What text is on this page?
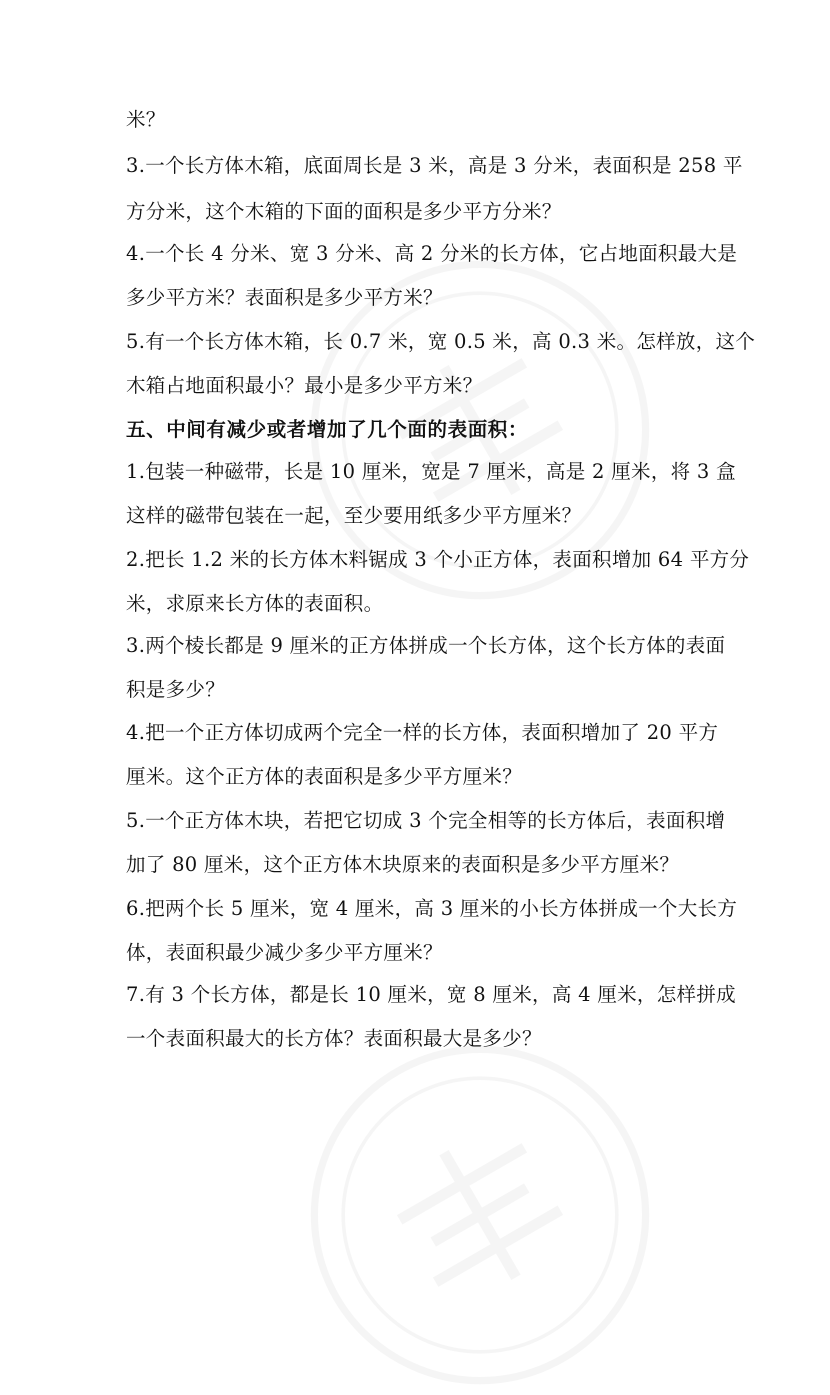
米？

3.一个长方体木箱，底面周长是 3 米，高是 3 分米，表面积是 258 平

方分米，这个木箱的下面的面积是多少平方分米？

4.一个长 4 分米、宽 3 分米、高 2 分米的长方体，它占地面积最大是

多少平方米？表面积是多少平方米？

5.有一个长方体木箱，长 0.7 米，宽 0.5 米，高 0.3 米。怎样放，这个

木箱占地面积最小？最小是多少平方米？

五、中间有减少或者增加了几个面的表面积：

1.包装一种磁带，长是 10 厘米，宽是 7 厘米，高是 2 厘米，将 3 盒

这样的磁带包装在一起，至少要用纸多少平方厘米？

2.把长 1.2 米的长方体木料锯成 3 个小正方体，表面积增加 64 平方分

米，求原来长方体的表面积。

3.两个棱长都是 9 厘米的正方体拼成一个长方体，这个长方体的表面

积是多少？

4.把一个正方体切成两个完全一样的长方体，表面积增加了 20 平方

厘米。这个正方体的表面积是多少平方厘米？

5.一个正方体木块，若把它切成 3 个完全相等的长方体后，表面积增

加了 80 厘米，这个正方体木块原来的表面积是多少平方厘米？

6.把两个长 5 厘米，宽 4 厘米，高 3 厘米的小长方体拼成一个大长方

体，表面积最少减少多少平方厘米？

7.有 3 个长方体，都是长 10 厘米，宽 8 厘米，高 4 厘米，怎样拼成

一个表面积最大的长方体？表面积最大是多少？
